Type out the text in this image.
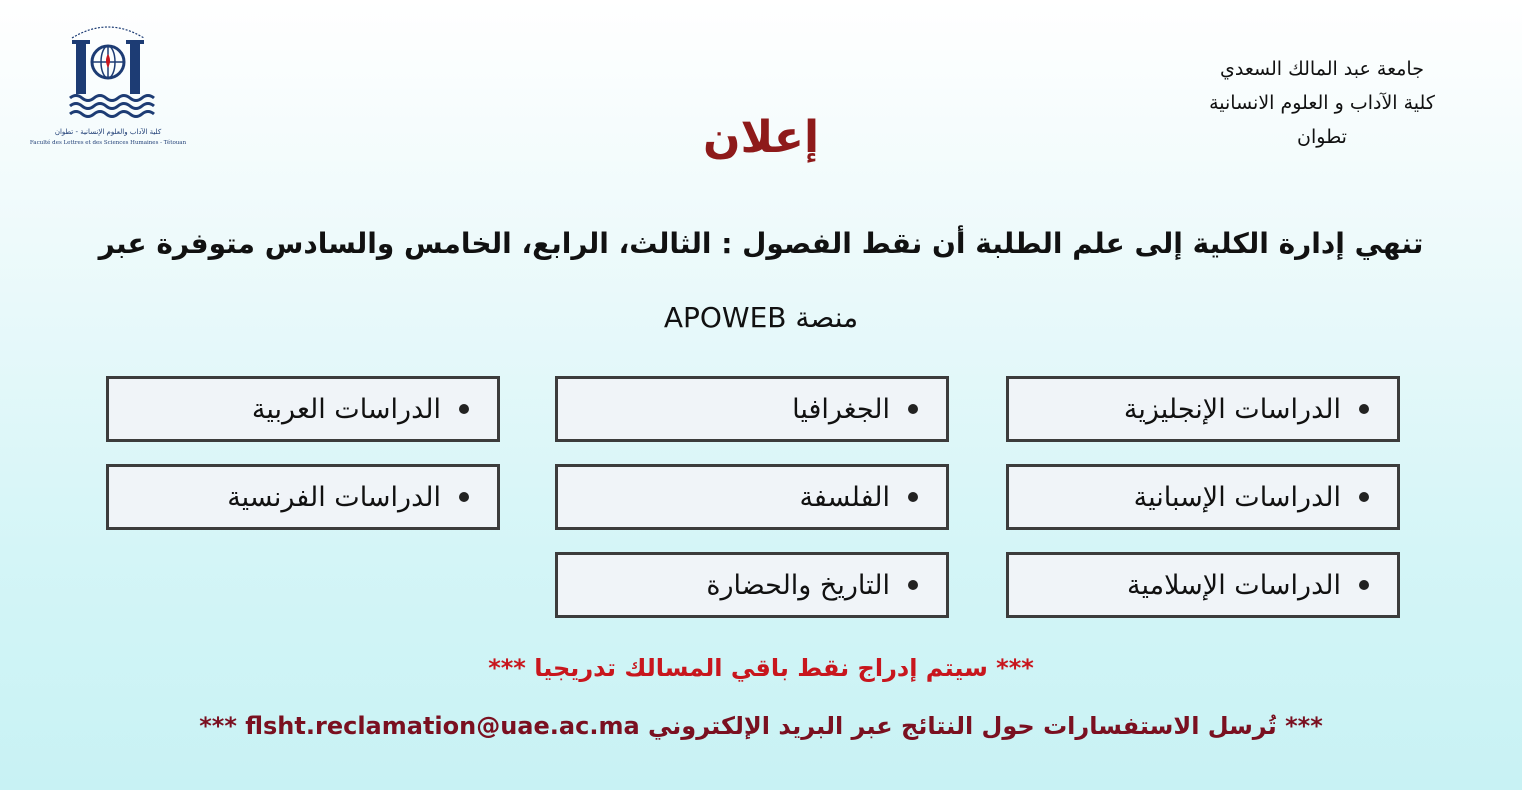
كلية الآداب والعلوم الإنسانية - تطوان
Faculté des Lettres et des Sciences Humaines - Tétouan
جامعة عبد المالك السعدي
كلية الآداب و العلوم الانسانية
تطوان
إعلان
تنهي إدارة الكلية إلى علم الطلبة أن نقط الفصول : الثالث، الرابع، الخامس والسادس متوفرة عبر
منصة APOWEB
الدراسات الإنجليزية
الجغرافيا
الدراسات العربية
الدراسات الإسبانية
الفلسفة
الدراسات الفرنسية
الدراسات الإسلامية
التاريخ والحضارة
*** سيتم إدراج نقط باقي المسالك تدريجيا ***
*** تُرسل الاستفسارات حول النتائج عبر البريد الإلكتروني flsht.reclamation@uae.ac.ma ***
